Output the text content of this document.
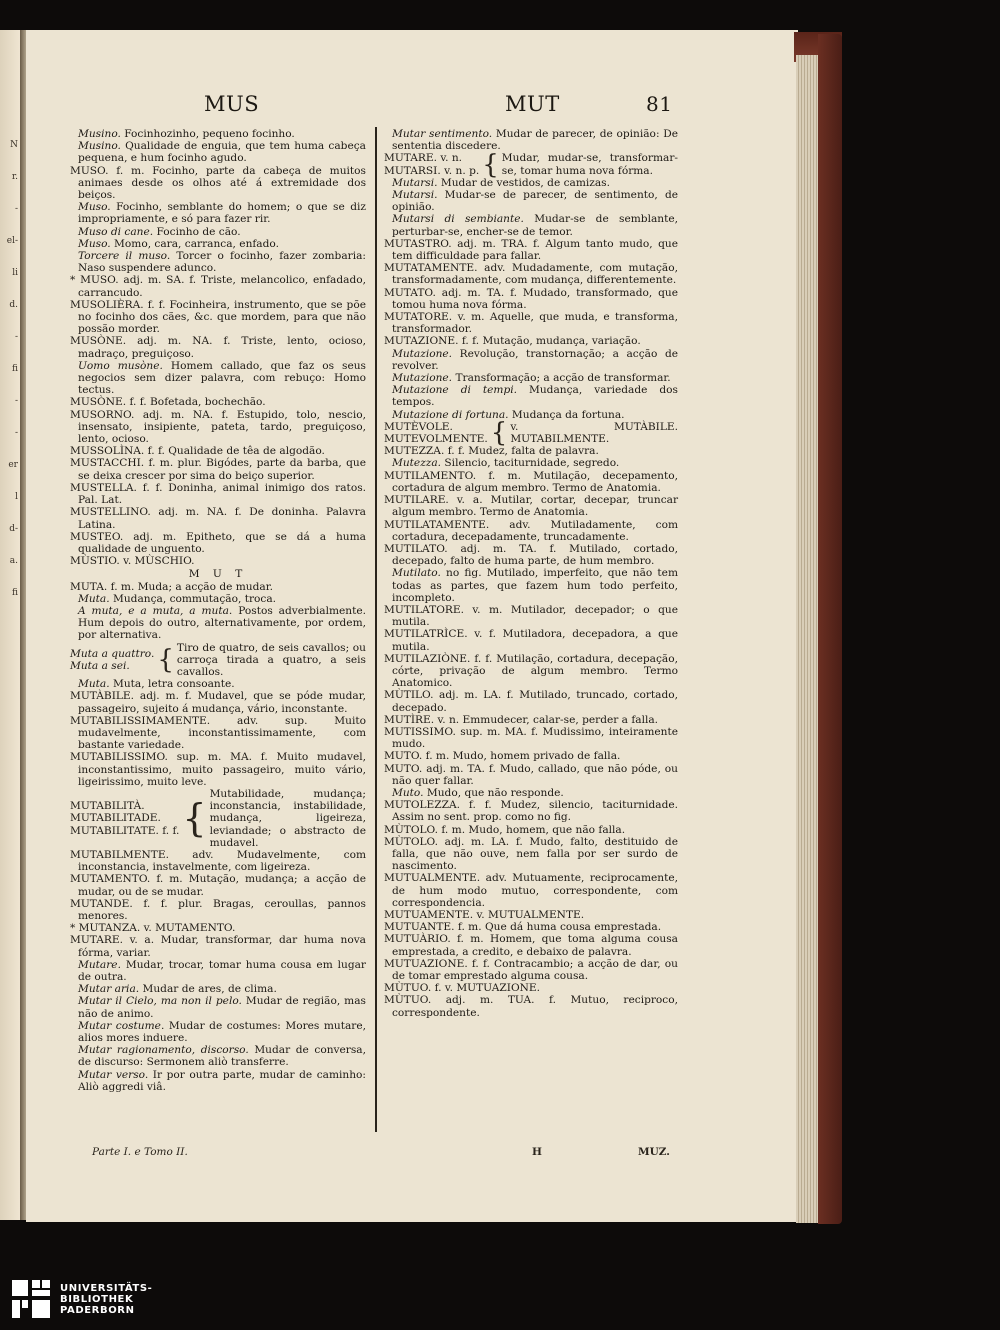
N
r.
-
el-
li
d.
-
fi
-
-
er
l
d-
a.
fi
MUS	MUT	81

Musino. Focinhozinho, pequeno focinho.

Musino. Qualidade de enguia, que tem huma cabeça pequena, e hum focinho agudo.

MUSO. f. m. Focinho, parte da cabeça de muitos animaes desde os olhos até á extremidade dos beiços.

Muso. Focinho, semblante do homem; o que se diz impropriamente, e só para fazer rir.

Muso di cane. Focinho de cão.

Muso. Momo, cara, carranca, enfado.

Torcere il muso. Torcer o focinho, fazer zombaria: Naso suspendere adunco.

* MUSO. adj. m. SA. f. Triste, melancolico, enfadado, carrancudo.

MUSOLIÈRA. f. f. Focinheira, instrumento, que se põe no focinho dos cães, &c. que mordem, para que não possão morder.

MUSÒNE. adj. m. NA. f. Triste, lento, ocioso, madraço, preguiçoso.

Uomo musòne. Homem callado, que faz os seus negocios sem dizer palavra, com rebuço: Homo tectus.

MUSÒNE. f. f. Bofetada, bochechão.

MUSORNO. adj. m. NA. f. Estupido, tolo, nescio, insensato, insipiente, pateta, tardo, preguiçoso, lento, ocioso.

MUSSOLÌNA. f. f. Qualidade de têa de algodão.

MUSTACCHI. f. m. plur. Bigódes, parte da barba, que se deixa crescer por sima do beiço superior.

MUSTELLA. f. f. Doninha, animal inimigo dos ratos. Pal. Lat.

MUSTELLINO. adj. m. NA. f. De doninha. Palavra Latina.

MUSTEO. adj. m. Epitheto, que se dá a huma qualidade de unguento.

MÙSTIO. v. MÙSCHIO.

M U T

MUTA. f. m. Muda; a acção de mudar.

Muta. Mudança, commutação, troca.

A muta, e a muta, a muta. Postos adverbialmente. Hum depois do outro, alternativamente, por ordem, por alternativa.

Muta a quattro.
Muta a sei.	{ Tiro de quatro, de seis cavallos; ou carroça tirada a quatro, a seis cavallos.

Muta. Muta, letra consoante.

MUTÀBILE. adj. m. f. Mudavel, que se póde mudar, passageiro, sujeito á mudança, vário, inconstante.

MUTABILISSIMAMENTE.	adv. sup. Muito mudavelmente, inconstantissimamente, com bastante variedade.

MUTABILISSIMO. sup. m. MA. f. Muito mudavel, inconstantissimo, muito passageiro, muito vário, ligeirissimo, muito leve.

MUTABILITÀ.
MUTABILITADE.
MUTABILITATE. f. f. {
Mutabilidade, mudança; inconstancia, instabilidade, mudança, ligeireza, leviandade; o abstracto de mudavel.

MUTABILMENTE. adv. Mudavelmente, com inconstancia, instavelmente, com ligeireza.

MUTAMENTO. f. m. Mutação, mudança; a acção de mudar, ou de se mudar.

MUTANDE. f. f. plur. Bragas, ceroullas, pannos menores.

* MUTANZA. v. MUTAMENTO.

MUTARE. v. a. Mudar, transformar, dar huma nova fórma, variar.

Mutare. Mudar, trocar, tomar huma cousa em lugar de outra.

Mutar aria. Mudar de ares, de clima.

Mutar il Cielo, ma non il pelo. Mudar de região, mas não de animo.

Mutar costume. Mudar de costumes: Mores mutare, alios mores induere.

Mutar ragionamento, discorso. Mudar de conversa, de discurso: Sermonem aliò transferre.

Mutar verso. Ir por outra parte, mudar de caminho: Aliò aggredi viâ.

Mutar sentimento. Mudar de parecer, de opinião: De sententia discedere.

MUTARE. v. n.
MUTARSI. v. n. p. { Mudar, mudar-se, transformar-se, tomar huma nova fórma.

Mutarsi. Mudar de vestidos, de camizas.

Mutarsi. Mudar-se de parecer, de sentimento, de opinião.

Mutarsi di sembiante. Mudar-se de semblante, perturbar-se, encher-se de temor.

MUTASTRO. adj. m. TRA. f. Algum tanto mudo, que tem difficuldade para fallar.

MUTATAMENTE. adv. Mudadamente, com mutação, transformadamente, com mudança, differentemente.

MUTATO. adj. m. TA. f. Mudado, transformado, que tomou huma nova fórma.

MUTATORE. v. m. Aquelle, que muda, e transforma, transformador.

MUTAZIONE. f. f. Mutação, mudança, variação.

Mutazione. Revolução, transtornação; a acção de revolver.

Mutazione. Transformação; a acção de transformar.

Mutazione di tempi. Mudança, variedade dos tempos.

Mutazione di fortuna. Mudança da fortuna.

MUTÈVOLE.
MUTEVOLMENTE. { v. MUTÀBILE. MUTABILMENTE.

MUTEZZA. f. f. Mudez, falta de palavra.

Mutezza. Silencio, taciturnidade, segredo.

MUTILAMENTO. f. m. Mutilação, decepamento, cortadura de algum membro. Termo de Anatomia.

MUTILARE. v. a. Mutilar, cortar, decepar, truncar algum membro. Termo de Anatomia.

MUTILATAMENTE. adv. Mutiladamente, com cortadura, decepadamente, truncadamente.

MUTILATO. adj. m. TA. f. Mutilado, cortado, decepado, falto de huma parte, de hum membro.

Mutilato. no fig. Mutilado, imperfeito, que não tem todas as partes, que fazem hum todo perfeito, incompleto.

MUTILATORE. v. m. Mutilador, decepador; o que mutila.

MUTILATRÌCE. v. f. Mutiladora, decepadora, a que mutila.

MUTILAZIÒNE. f. f. Mutilação, cortadura, decepação, córte, privação de algum membro. Termo Anatomico.

MÙTILO. adj. m. LA. f. Mutilado, truncado, cortado, decepado.

MUTÌRE. v. n. Emmudecer, calar-se, perder a falla.

MUTISSIMO. sup. m. MA. f. Mudissimo, inteiramente mudo.

MUTO. f. m. Mudo, homem privado de falla.

MUTO. adj. m. TA. f. Mudo, callado, que não póde, ou não quer fallar.

Muto. Mudo, que não responde.

MUTOLEZZA. f. f. Mudez, silencio, taciturnidade. Assim no sent. prop. como no fig.

MÙTOLO. f. m. Mudo, homem, que não falla.

MÙTOLO. adj. m. LA. f. Mudo, falto, destituido de falla, que não ouve, nem falla por ser surdo de nascimento.

MUTUALMENTE. adv. Mutuamente, reciprocamente, de hum modo mutuo, correspondente, com correspondencia.

MUTUAMENTE. v. MUTUALMENTE.

MUTUANTE. f. m. Que dá huma cousa emprestada.

MUTUÀRIO. f. m. Homem, que toma alguma cousa emprestada, a credito, e debaixo de palavra.

MUTUAZIONE. f. f. Contracambio; a acção de dar, ou de tomar emprestado alguma cousa.

MÙTUO. f. v. MUTUAZIONE.

MÙTUO. adj. m. TUA. f. Mutuo, reciproco, correspondente.

Parte I. e Tomo II.	H	MUZ.
UNIVERSITÄTS-
BIBLIOTHEK
PADERBORN
